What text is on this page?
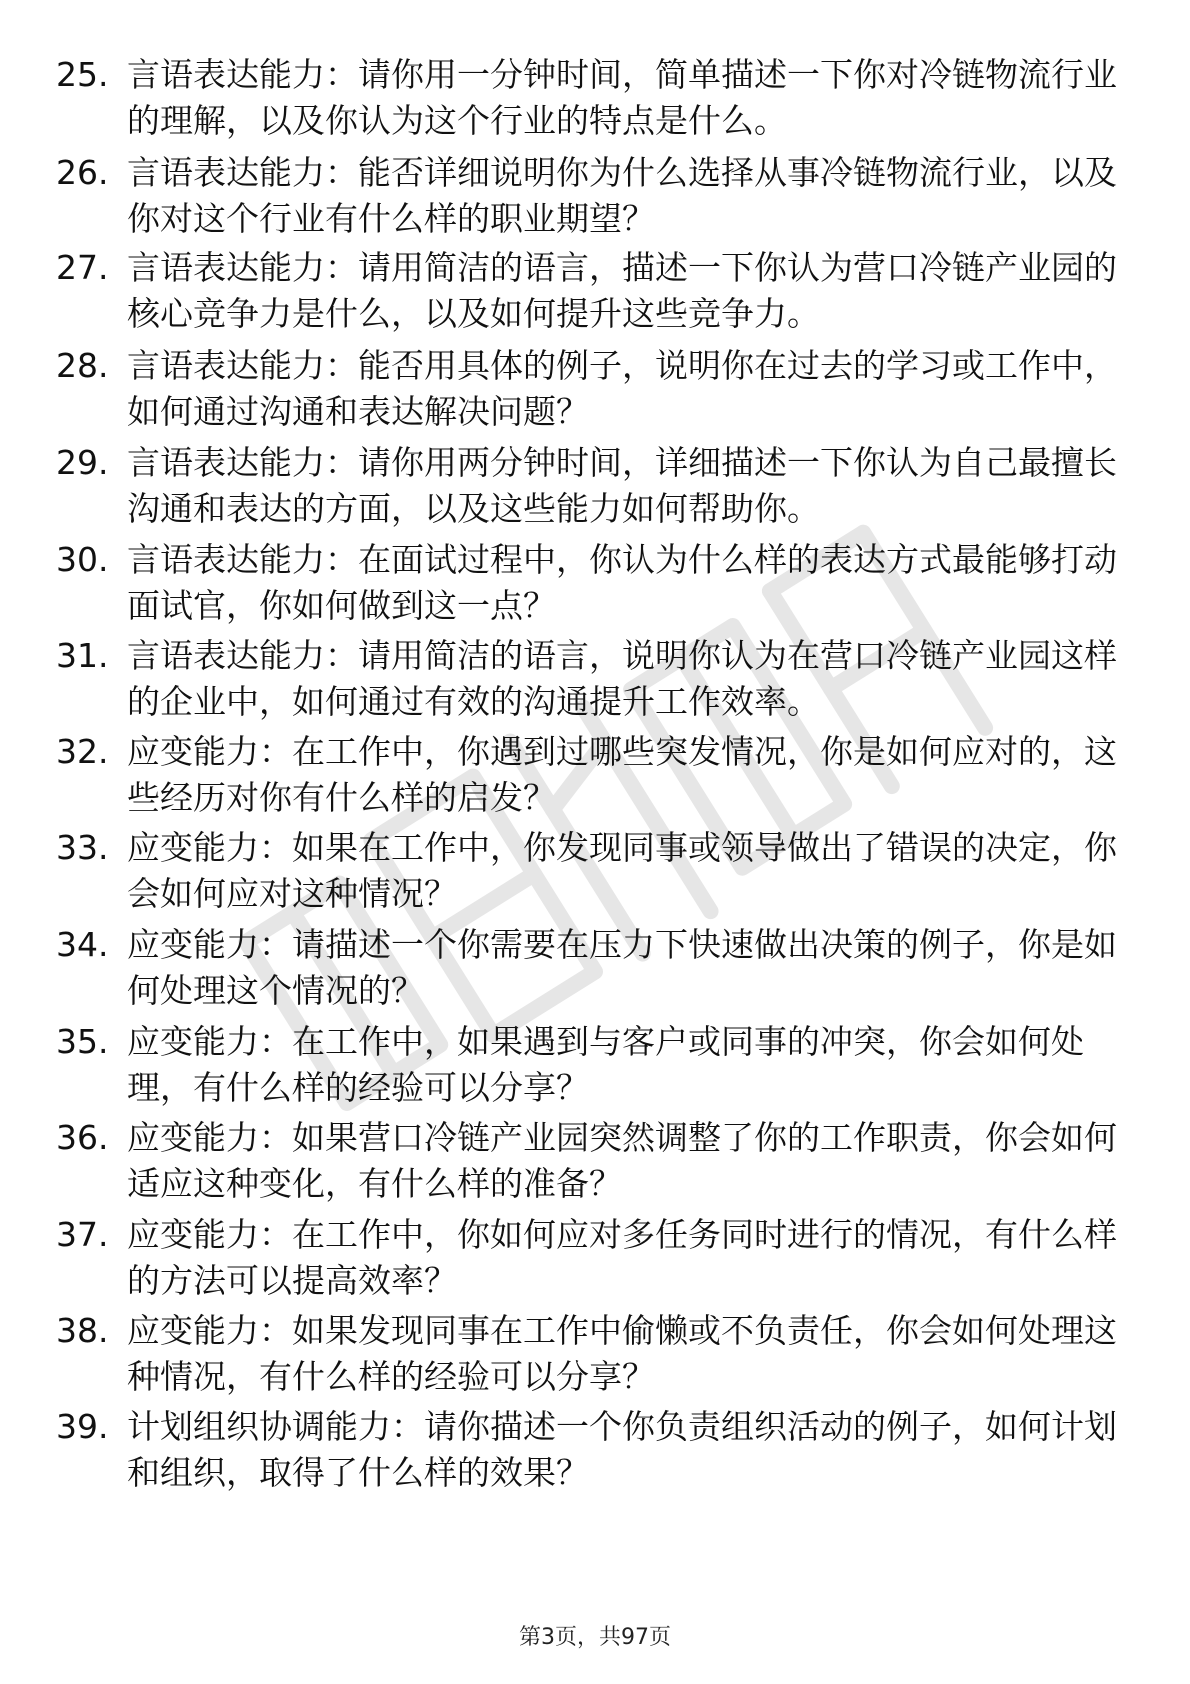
25. 言语表达能力：请你用一分钟时间，简单描述一下你对冷链物流行业的理解，以及你认为这个行业的特点是什么。
26. 言语表达能力：能否详细说明你为什么选择从事冷链物流行业，以及你对这个行业有什么样的职业期望？
27. 言语表达能力：请用简洁的语言，描述一下你认为营口冷链产业园的核心竞争力是什么，以及如何提升这些竞争力。
28. 言语表达能力：能否用具体的例子，说明你在过去的学习或工作中，如何通过沟通和表达解决问题？
29. 言语表达能力：请你用两分钟时间，详细描述一下你认为自己最擅长沟通和表达的方面，以及这些能力如何帮助你。
30. 言语表达能力：在面试过程中，你认为什么样的表达方式最能够打动面试官，你如何做到这一点？
31. 言语表达能力：请用简洁的语言，说明你认为在营口冷链产业园这样的企业中，如何通过有效的沟通提升工作效率。
32. 应变能力：在工作中，你遇到过哪些突发情况，你是如何应对的，这些经历对你有什么样的启发？
33. 应变能力：如果在工作中，你发现同事或领导做出了错误的决定，你会如何应对这种情况？
34. 应变能力：请描述一个你需要在压力下快速做出决策的例子，你是如何处理这个情况的？
35. 应变能力：在工作中，如果遇到与客户或同事的冲突，你会如何处理，有什么样的经验可以分享？
36. 应变能力：如果营口冷链产业园突然调整了你的工作职责，你会如何适应这种变化，有什么样的准备？
37. 应变能力：在工作中，你如何应对多任务同时进行的情况，有什么样的方法可以提高效率？
38. 应变能力：如果发现同事在工作中偷懒或不负责任，你会如何处理这种情况，有什么样的经验可以分享？
39. 计划组织协调能力：请你描述一个你负责组织活动的例子，如何计划和组织，取得了什么样的效果？
第3页，共97页
